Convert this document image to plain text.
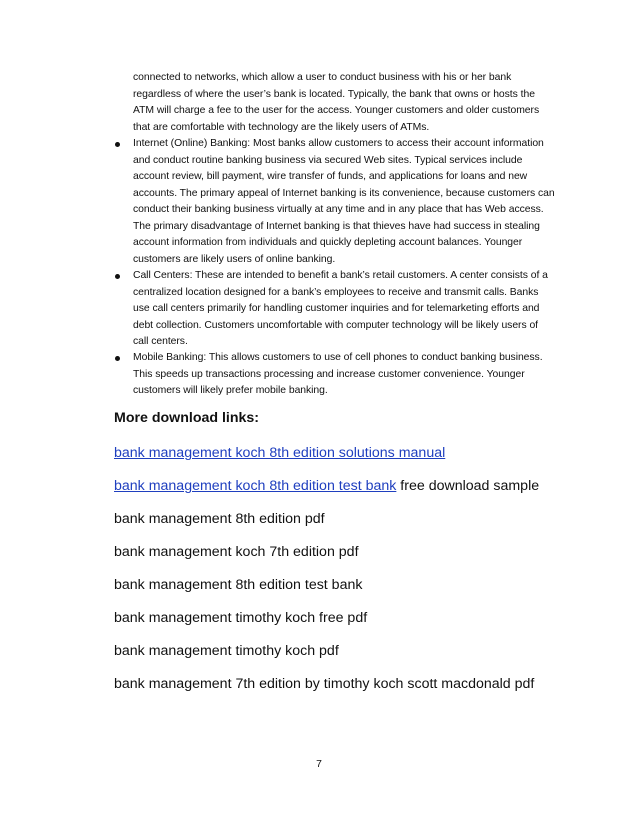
connected to networks, which allow a user to conduct business with his or her bank
regardless of where the user’s bank is located. Typically, the bank that owns or hosts the
ATM will charge a fee to the user for the access. Younger customers and older customers
that are comfortable with technology are the likely users of ATMs.
Internet (Online) Banking: Most banks allow customers to access their account information
and conduct routine banking business via secured Web sites. Typical services include
account review, bill payment, wire transfer of funds, and applications for loans and new
accounts. The primary appeal of Internet banking is its convenience, because customers can
conduct their banking business virtually at any time and in any place that has Web access.
The primary disadvantage of Internet banking is that thieves have had success in stealing
account information from individuals and quickly depleting account balances. Younger
customers are likely users of online banking.
Call Centers: These are intended to benefit a bank’s retail customers. A center consists of a
centralized location designed for a bank’s employees to receive and transmit calls. Banks
use call centers primarily for handling customer inquiries and for telemarketing efforts and
debt collection. Customers uncomfortable with computer technology will be likely users of
call centers.
Mobile Banking: This allows customers to use of cell phones to conduct banking business.
This speeds up transactions processing and increase customer convenience. Younger
customers will likely prefer mobile banking.
More download links:
bank management koch 8th edition solutions manual
bank management koch 8th edition test bank free download sample
bank management 8th edition pdf
bank management koch 7th edition pdf
bank management 8th edition test bank
bank management timothy koch free pdf
bank management timothy koch pdf
bank management 7th edition by timothy koch scott macdonald pdf
7
